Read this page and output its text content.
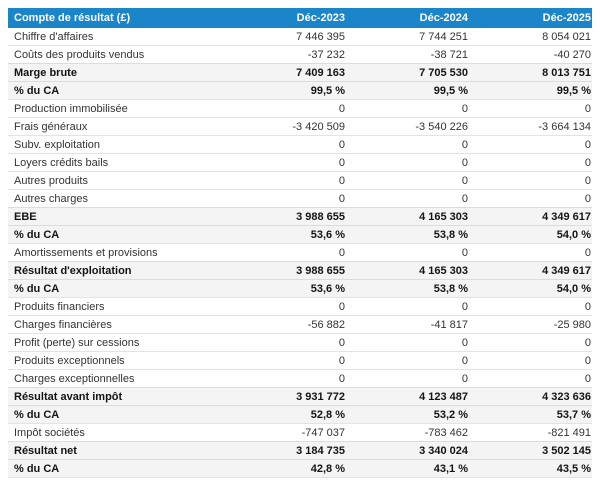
Compte de résultat (£)	Déc-2023	Déc-2024	Déc-2025
Chiffre d'affaires	7 446 395	7 744 251	8 054 021
Coûts des produits vendus	-37 232	-38 721	-40 270
Marge brute	7 409 163	7 705 530	8 013 751
% du CA	99,5 %	99,5 %	99,5 %
Production immobilisée	0	0	0
Frais généraux	-3 420 509	-3 540 226	-3 664 134
Subv. exploitation	0	0	0
Loyers crédits bails	0	0	0
Autres produits	0	0	0
Autres charges	0	0	0
EBE	3 988 655	4 165 303	4 349 617
% du CA	53,6 %	53,8 %	54,0 %
Amortissements et provisions	0	0	0
Résultat d'exploitation	3 988 655	4 165 303	4 349 617
% du CA	53,6 %	53,8 %	54,0 %
Produits financiers	0	0	0
Charges financières	-56 882	-41 817	-25 980
Profit (perte) sur cessions	0	0	0
Produits exceptionnels	0	0	0
Charges exceptionnelles	0	0	0
Résultat avant impôt	3 931 772	4 123 487	4 323 636
% du CA	52,8 %	53,2 %	53,7 %
Impôt sociétés	-747 037	-783 462	-821 491
Résultat net	3 184 735	3 340 024	3 502 145
% du CA	42,8 %	43,1 %	43,5 %
